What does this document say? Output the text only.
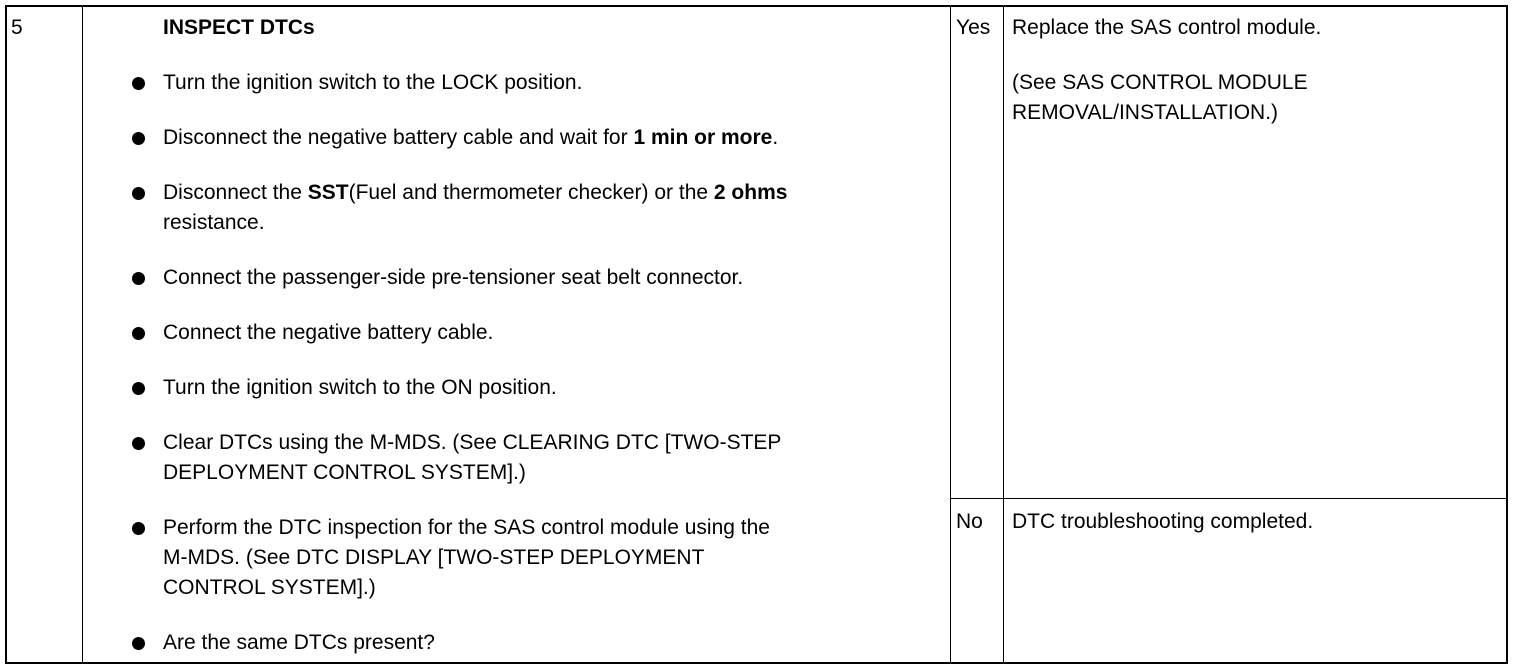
5	INSPECT DTCs
Turn the ignition switch to the LOCK position.
Disconnect the negative battery cable and wait for 1 min or more.
Disconnect the SST(Fuel and thermometer checker) or the 2 ohms
resistance.
Connect the passenger-side pre-tensioner seat belt connector.
Connect the negative battery cable.
Turn the ignition switch to the ON position.
Clear DTCs using the M-MDS. (See CLEARING DTC [TWO-STEP
DEPLOYMENT CONTROL SYSTEM].)
Perform the DTC inspection for the SAS control module using the
M-MDS. (See DTC DISPLAY [TWO-STEP DEPLOYMENT
CONTROL SYSTEM].)
Are the same DTCs present?
Yes Replace the SAS control module.
(See SAS CONTROL MODULE
REMOVAL/INSTALLATION.)
No DTC troubleshooting completed.
